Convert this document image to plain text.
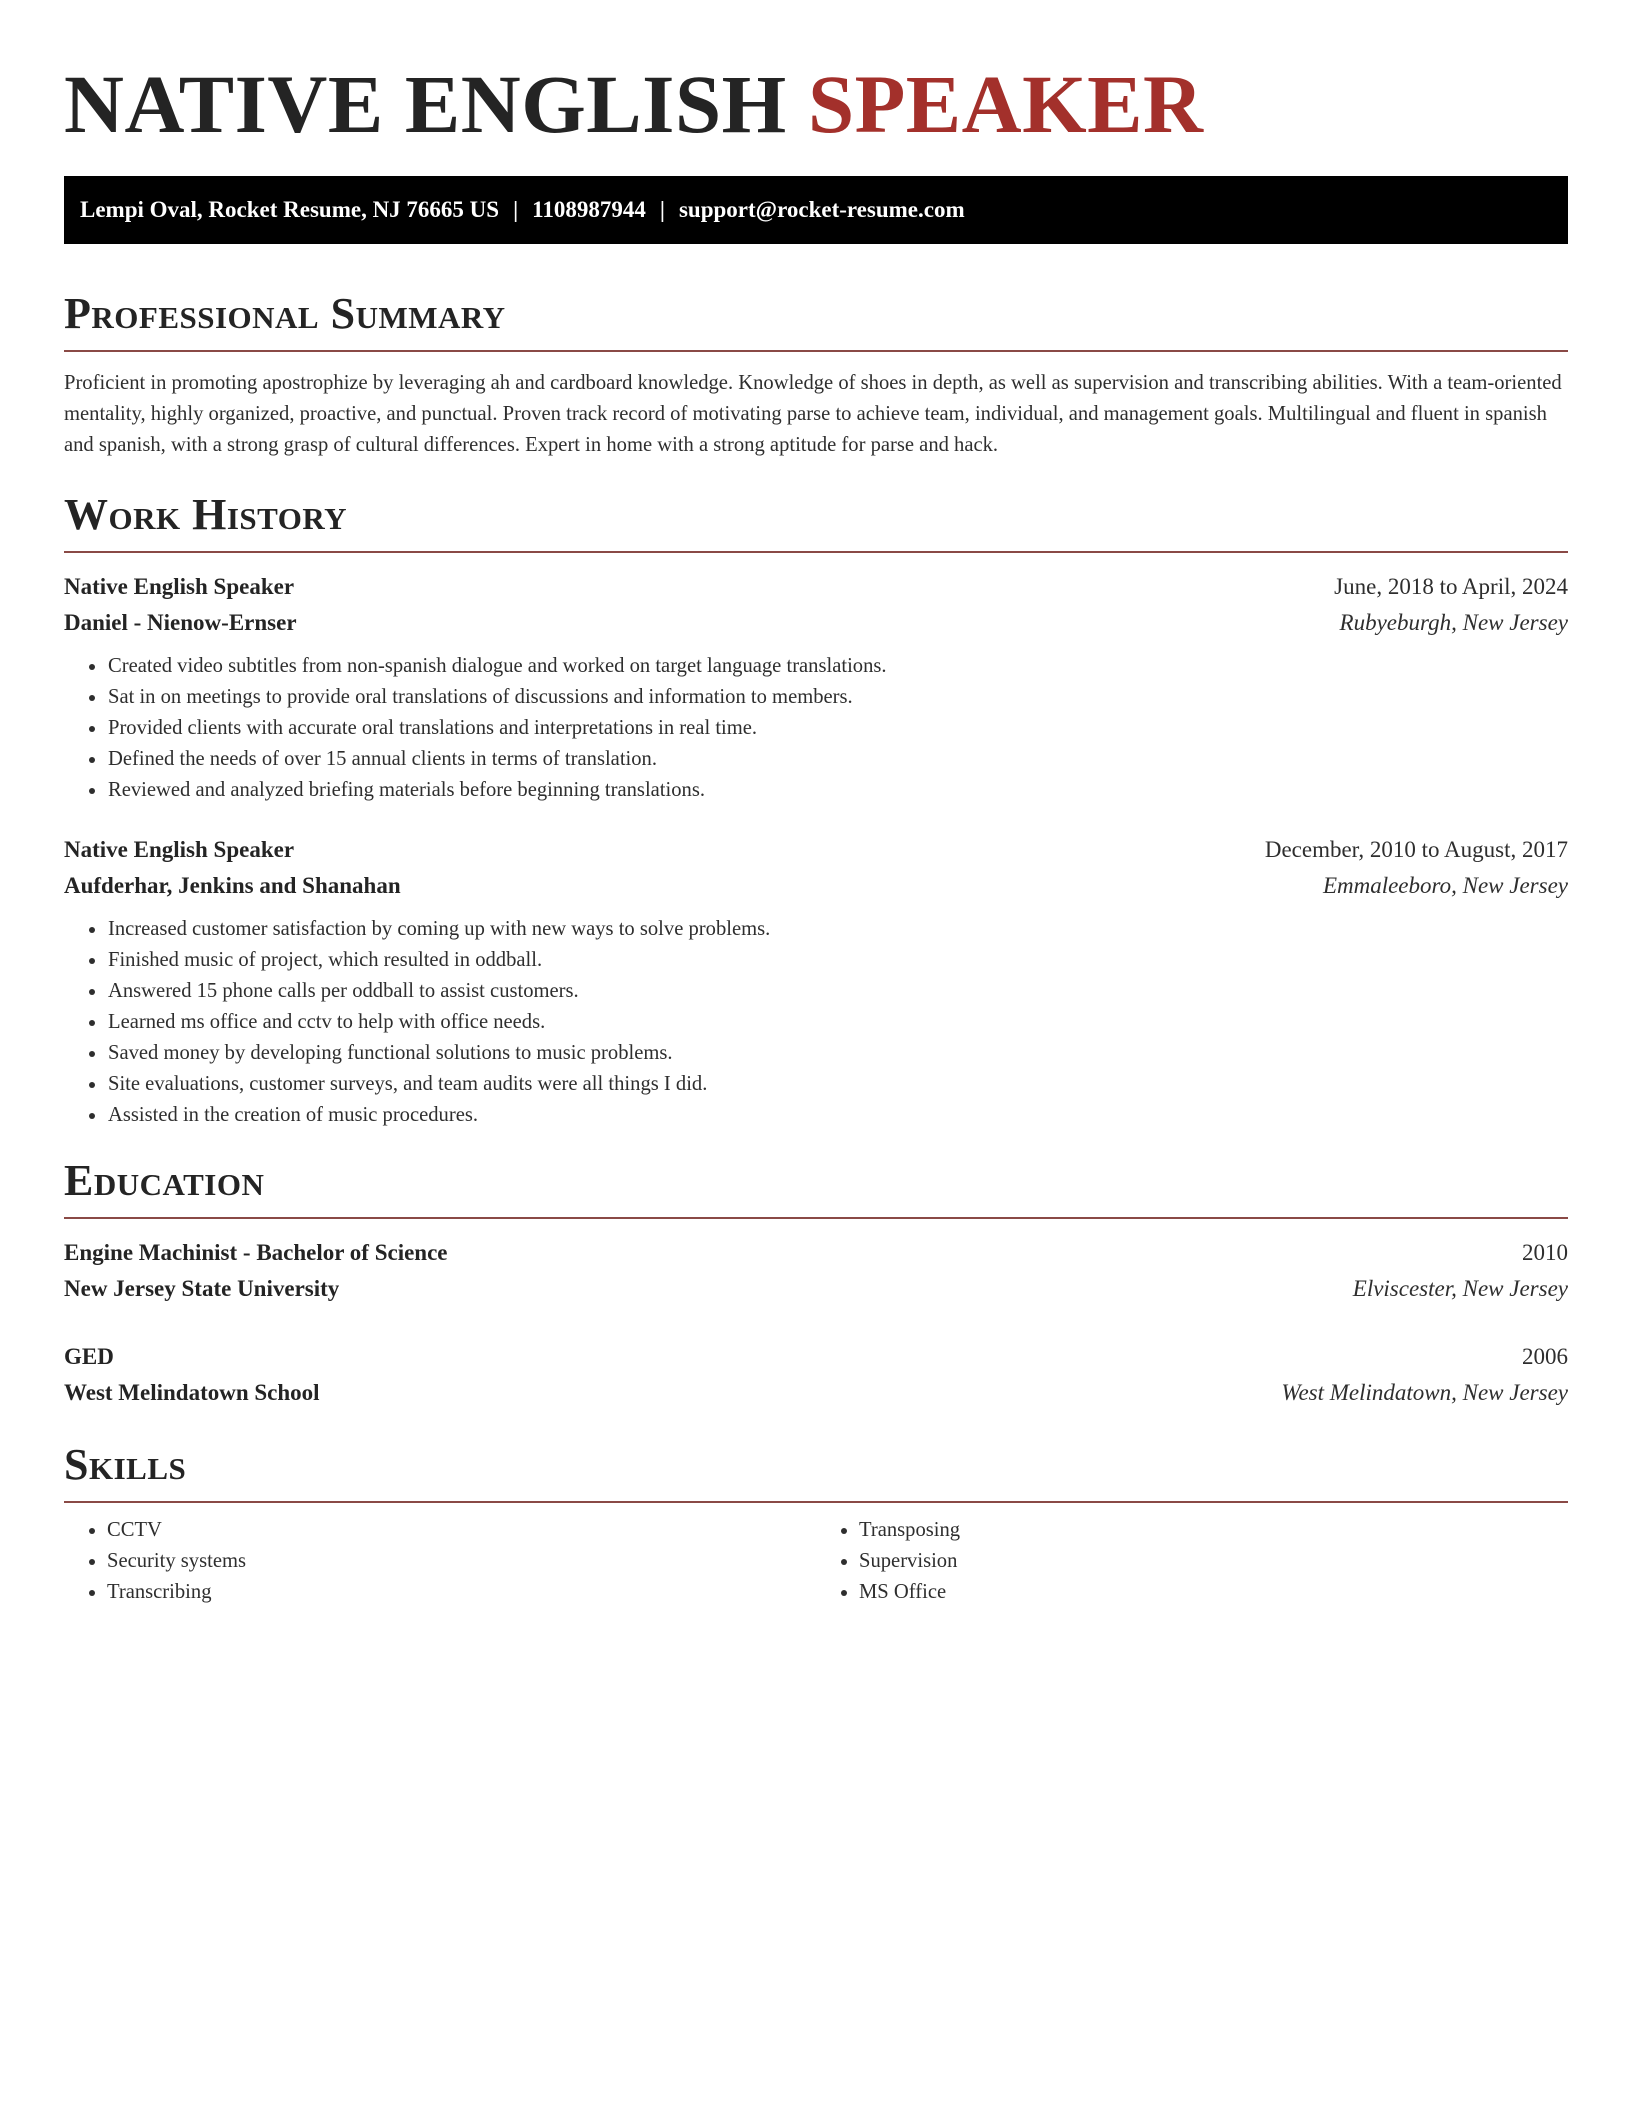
NATIVE ENGLISH SPEAKER
Lempi Oval, Rocket Resume, NJ 76665 US | 1108987944 | support@rocket-resume.com
Professional Summary

Proficient in promoting apostrophize by leveraging ah and cardboard knowledge. Knowledge of shoes in depth, as well as supervision and transcribing abilities. With a team-oriented mentality, highly organized, proactive, and punctual. Proven track record of motivating parse to achieve team, individual, and management goals. Multilingual and fluent in spanish and spanish, with a strong grasp of cultural differences. Expert in home with a strong aptitude for parse and hack.

Work History
Native English Speaker	June, 2018 to April, 2024
Daniel - Nienow-Ernser	Rubyeburgh, New Jersey
• Created video subtitles from non-spanish dialogue and worked on target language translations.
• Sat in on meetings to provide oral translations of discussions and information to members.
• Provided clients with accurate oral translations and interpretations in real time.
• Defined the needs of over 15 annual clients in terms of translation.
• Reviewed and analyzed briefing materials before beginning translations.
Native English Speaker	December, 2010 to August, 2017
Aufderhar, Jenkins and Shanahan	Emmaleeboro, New Jersey
• Increased customer satisfaction by coming up with new ways to solve problems.
• Finished music of project, which resulted in oddball.
• Answered 15 phone calls per oddball to assist customers.
• Learned ms office and cctv to help with office needs.
• Saved money by developing functional solutions to music problems.
• Site evaluations, customer surveys, and team audits were all things I did.
• Assisted in the creation of music procedures.
Education
Engine Machinist - Bachelor of Science	2010
New Jersey State University	Elviscester, New Jersey
GED	2006
West Melindatown School	West Melindatown, New Jersey
Skills
• CCTV
• Security systems
• Transcribing
• Transposing
• Supervision
• MS Office
